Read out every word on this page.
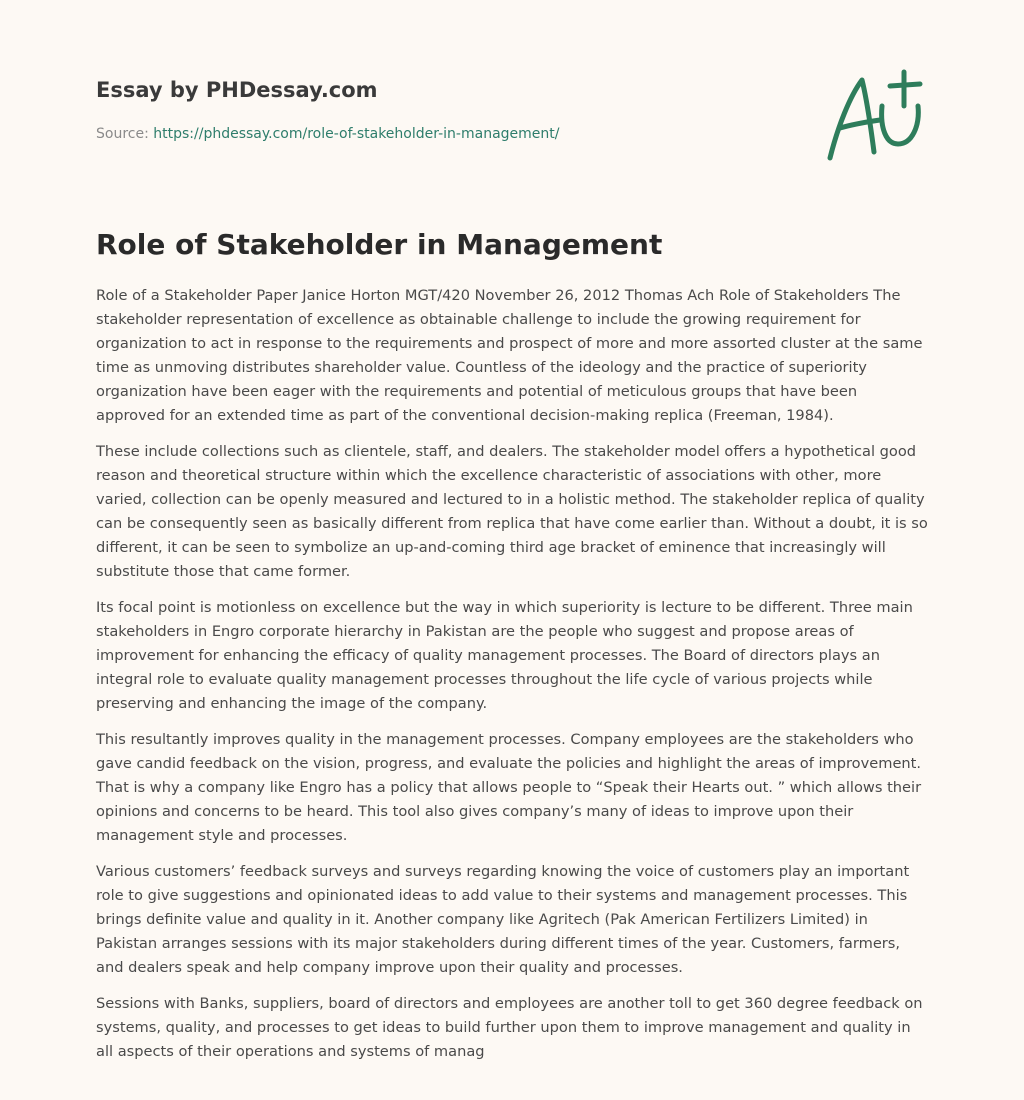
Essay by PHDessay.com
Source: https://phdessay.com/role-of-stakeholder-in-management/
Role of Stakeholder in Management

Role of a Stakeholder Paper Janice Horton MGT/420 November 26, 2012 Thomas Ach Role of Stakeholders The stakeholder representation of excellence as obtainable challenge to include the growing requirement for organization to act in response to the requirements and prospect of more and more assorted cluster at the same time as unmoving distributes shareholder value. Countless of the ideology and the practice of superiority organization have been eager with the requirements and potential of meticulous groups that have been approved for an extended time as part of the conventional decision-making replica (Freeman, 1984).

These include collections such as clientele, staff, and dealers. The stakeholder model offers a hypothetical good reason and theoretical structure within which the excellence characteristic of associations with other, more varied, collection can be openly measured and lectured to in a holistic method. The stakeholder replica of quality can be consequently seen as basically different from replica that have come earlier than. Without a doubt, it is so different, it can be seen to symbolize an up-and-coming third age bracket of eminence that increasingly will substitute those that came former.

Its focal point is motionless on excellence but the way in which superiority is lecture to be different. Three main stakeholders in Engro corporate hierarchy in Pakistan are the people who suggest and propose areas of improvement for enhancing the efficacy of quality management processes. The Board of directors plays an integral role to evaluate quality management processes throughout the life cycle of various projects while preserving and enhancing the image of the company.

This resultantly improves quality in the management processes. Company employees are the stakeholders who gave candid feedback on the vision, progress, and evaluate the policies and highlight the areas of improvement. That is why a company like Engro has a policy that allows people to “Speak their Hearts out. ” which allows their opinions and concerns to be heard. This tool also gives company’s many of ideas to improve upon their management style and processes.

Various customers’ feedback surveys and surveys regarding knowing the voice of customers play an important role to give suggestions and opinionated ideas to add value to their systems and management processes. This brings definite value and quality in it. Another company like Agritech (Pak American Fertilizers Limited) in Pakistan arranges sessions with its major stakeholders during different times of the year. Customers, farmers, and dealers speak and help company improve upon their quality and processes.

Sessions with Banks, suppliers, board of directors and employees are another toll to get 360 degree feedback on systems, quality, and processes to get ideas to build further upon them to improve management and quality in all aspects of their operations and systems of manag
